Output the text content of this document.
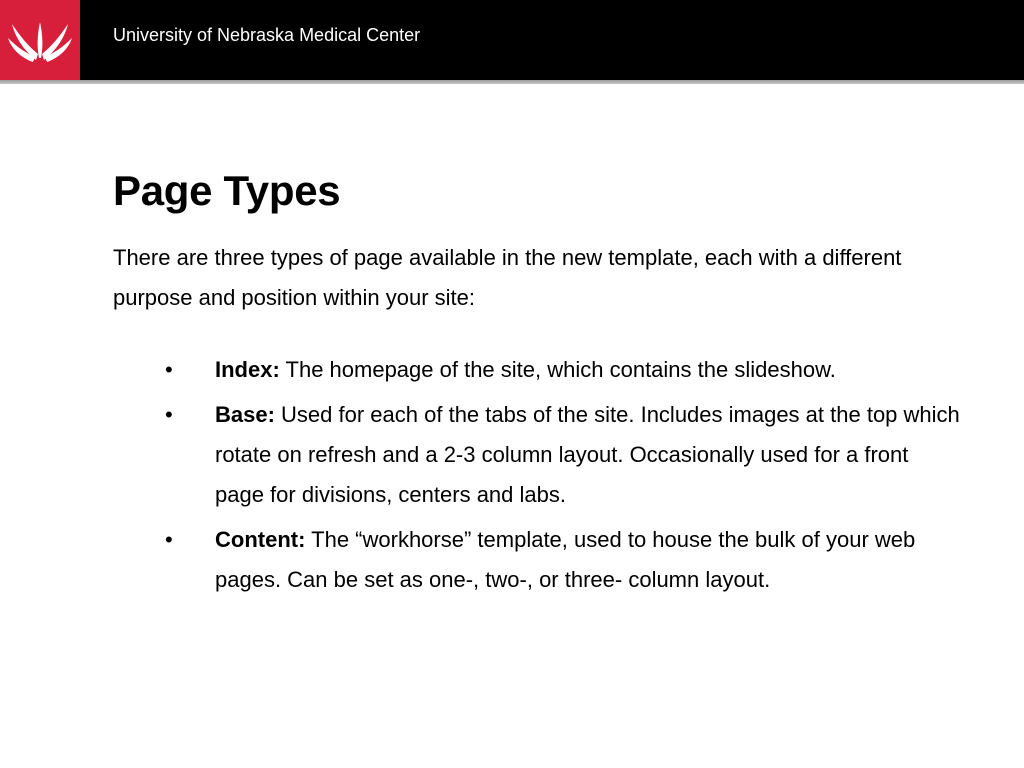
University of Nebraska Medical Center
Page Types

There are three types of page available in the new template, each with a different purpose and position within your site:

• Index: The homepage of the site, which contains the slideshow.
• Base: Used for each of the tabs of the site. Includes images at the top which rotate on refresh and a 2-3 column layout. Occasionally used for a front page for divisions, centers and labs.
• Content: The “workhorse” template, used to house the bulk of your web pages. Can be set as one-, two-, or three- column layout.
